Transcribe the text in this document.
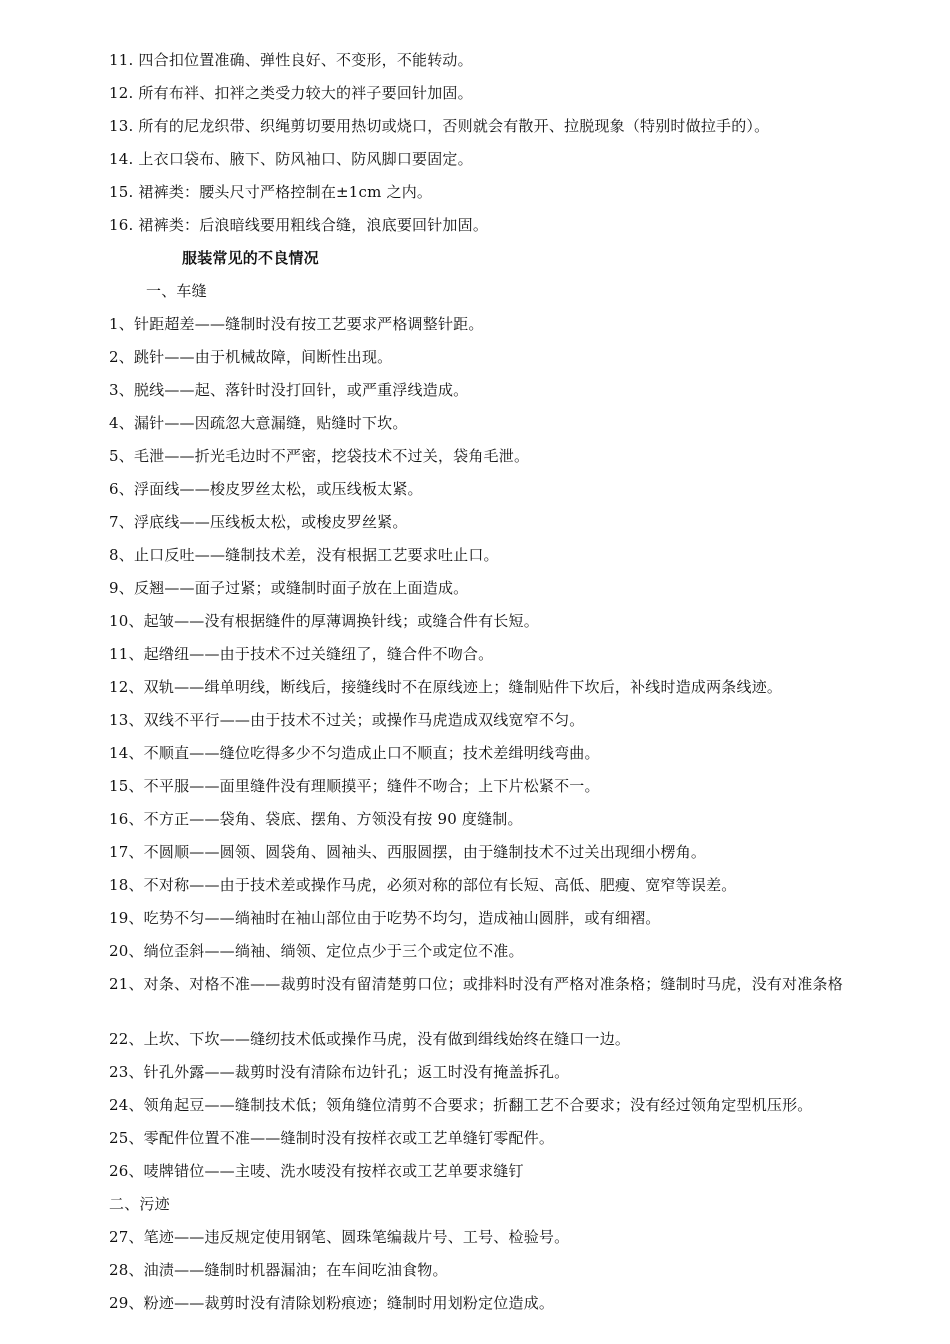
11. 四合扣位置准确、弹性良好、不变形，不能转动。
12. 所有布袢、扣袢之类受力较大的袢子要回针加固。
13. 所有的尼龙织带、织绳剪切要用热切或烧口，否则就会有散开、拉脱现象（特别时做拉手的）。
14. 上衣口袋布、腋下、防风袖口、防风脚口要固定。
15. 裙裤类：腰头尺寸严格控制在±1cm 之内。
16. 裙裤类：后浪暗线要用粗线合缝，浪底要回针加固。
服装常见的不良情况
一、车缝
1、针距超差——缝制时没有按工艺要求严格调整针距。
2、跳针——由于机械故障，间断性出现。
3、脱线——起、落针时没打回针，或严重浮线造成。
4、漏针——因疏忽大意漏缝，贴缝时下坎。
5、毛泄——折光毛边时不严密，挖袋技术不过关，袋角毛泄。
6、浮面线——梭皮罗丝太松，或压线板太紧。
7、浮底线——压线板太松，或梭皮罗丝紧。
8、止口反吐——缝制技术差，没有根据工艺要求吐止口。
9、反翘——面子过紧；或缝制时面子放在上面造成。
10、起皱——没有根据缝件的厚薄调换针线；或缝合件有长短。
11、起绺纽——由于技术不过关缝纽了，缝合件不吻合。
12、双轨——缉单明线，断线后，接缝线时不在原线迹上；缝制贴件下坎后，补线时造成两条线迹。
13、双线不平行——由于技术不过关；或操作马虎造成双线宽窄不匀。
14、不顺直——缝位吃得多少不匀造成止口不顺直；技术差缉明线弯曲。
15、不平服——面里缝件没有理顺摸平；缝件不吻合；上下片松紧不一。
16、不方正——袋角、袋底、摆角、方领没有按 90 度缝制。
17、不圆顺——圆领、圆袋角、圆袖头、西服圆摆，由于缝制技术不过关出现细小楞角。
18、不对称——由于技术差或操作马虎，必须对称的部位有长短、高低、肥瘦、宽窄等误差。
19、吃势不匀——绱袖时在袖山部位由于吃势不均匀，造成袖山圆胖，或有细褶。
20、绱位歪斜——绱袖、绱领、定位点少于三个或定位不准。
21、对条、对格不准——裁剪时没有留清楚剪口位；或排料时没有严格对准条格；缝制时马虎，没有对准条格
22、上坎、下坎——缝纫技术低或操作马虎，没有做到缉线始终在缝口一边。
23、针孔外露——裁剪时没有清除布边针孔；返工时没有掩盖拆孔。
24、领角起豆——缝制技术低；领角缝位清剪不合要求；折翻工艺不合要求；没有经过领角定型机压形。
25、零配件位置不准——缝制时没有按样衣或工艺单缝钉零配件。
26、唛牌错位——主唛、洗水唛没有按样衣或工艺单要求缝钉
二、污迹
27、笔迹——违反规定使用钢笔、圆珠笔编裁片号、工号、检验号。
28、油渍——缝制时机器漏油；在车间吃油食物。
29、粉迹——裁剪时没有清除划粉痕迹；缝制时用划粉定位造成。
